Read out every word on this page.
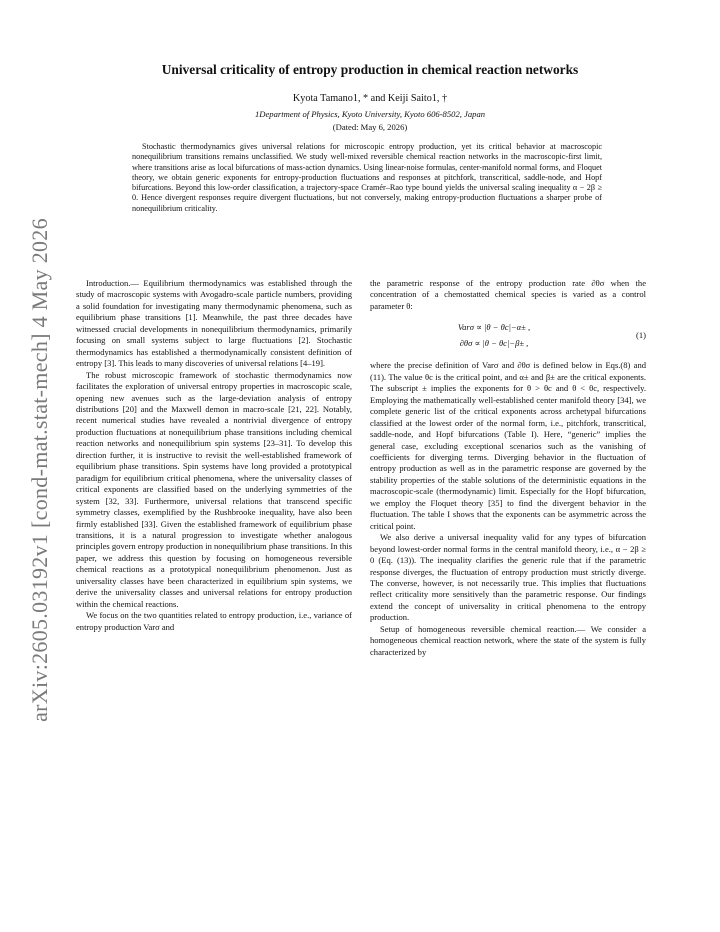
arXiv:2605.03192v1 [cond-mat.stat-mech] 4 May 2026
Universal criticality of entropy production in chemical reaction networks
Kyota Tamano1, * and Keiji Saito1, †
1Department of Physics, Kyoto University, Kyoto 606-8502, Japan
(Dated: May 6, 2026)
Stochastic thermodynamics gives universal relations for microscopic entropy production, yet its critical behavior at macroscopic nonequilibrium transitions remains unclassified. We study well-mixed reversible chemical reaction networks in the macroscopic-first limit, where transitions arise as local bifurcations of mass-action dynamics. Using linear-noise formulas, center-manifold normal forms, and Floquet theory, we obtain generic exponents for entropy-production fluctuations and responses at pitchfork, transcritical, saddle-node, and Hopf bifurcations. Beyond this low-order classification, a trajectory-space Cramér–Rao type bound yields the universal scaling inequality α − 2β ≥ 0. Hence divergent responses require divergent fluctuations, but not conversely, making entropy-production fluctuations a sharper probe of nonequilibrium criticality.

Introduction.— Equilibrium thermodynamics was established through the study of macroscopic systems with Avogadro-scale particle numbers, providing a solid foundation for investigating many thermodynamic phenomena, such as equilibrium phase transitions [1]. Meanwhile, the past three decades have witnessed crucial developments in nonequilibrium thermodynamics, primarily focusing on small systems subject to large fluctuations [2]. Stochastic thermodynamics has established a thermodynamically consistent definition of entropy [3]. This leads to many discoveries of universal relations [4–19].

The robust microscopic framework of stochastic thermodynamics now facilitates the exploration of universal entropy properties in macroscopic scale, opening new avenues such as the large-deviation analysis of entropy distributions [20] and the Maxwell demon in macro-scale [21, 22]. Notably, recent numerical studies have revealed a nontrivial divergence of entropy production fluctuations at nonequilibrium phase transitions including chemical reaction networks and nonequilibrium spin systems [23–31]. To develop this direction further, it is instructive to revisit the well-established framework of equilibrium phase transitions. Spin systems have long provided a prototypical paradigm for equilibrium critical phenomena, where the universality classes of critical exponents are classified based on the underlying symmetries of the system [32, 33]. Furthermore, universal relations that transcend specific symmetry classes, exemplified by the Rushbrooke inequality, have also been firmly established [33]. Given the established framework of equilibrium phase transitions, it is a natural progression to investigate whether analogous principles govern entropy production in nonequilibrium phase transitions. In this paper, we address this question by focusing on homogeneous reversible chemical reactions as a prototypical nonequilibrium phenomenon. Just as universality classes have been characterized in equilibrium spin systems, we derive the universality classes and universal relations for entropy production within the chemical reactions.

We focus on the two quantities related to entropy production, i.e., variance of entropy production Varσ and

the parametric response of the entropy production rate ∂θσ when the concentration of a chemostatted chemical species is varied as a control parameter θ:

Varσ ∝ |θ − θc|−α± ,
∂θσ ∝ |θ − θc|−β± ,
(1)

where the precise definition of Varσ and ∂θσ is defined below in Eqs.(8) and (11). The value θc is the critical point, and α± and β± are the critical exponents. The subscript ± implies the exponents for θ > θc and θ < θc, respectively. Employing the mathematically well-established center manifold theory [34], we complete generic list of the critical exponents across archetypal bifurcations classified at the lowest order of the normal form, i.e., pitchfork, transcritical, saddle-node, and Hopf bifurcations (Table I). Here, “generic” implies the general case, excluding exceptional scenarios such as the vanishing of coefficients for diverging terms. Diverging behavior in the fluctuation of entropy production as well as in the parametric response are governed by the stability properties of the stable solutions of the deterministic equations in the macroscopic-scale (thermodynamic) limit. Especially for the Hopf bifurcation, we employ the Floquet theory [35] to find the divergent behavior in the fluctuation. The table I shows that the exponents can be asymmetric across the critical point.

We also derive a universal inequality valid for any types of bifurcation beyond lowest-order normal forms in the central manifold theory, i.e., α − 2β ≥ 0 (Eq. (13)). The inequality clarifies the generic rule that if the parametric response diverges, the fluctuation of entropy production must strictly diverge. The converse, however, is not necessarily true. This implies that fluctuations reflect criticality more sensitively than the parametric response. Our findings extend the concept of universality in critical phenomena to the entropy production.

Setup of homogeneous reversible chemical reaction.— We consider a homogeneous chemical reaction network, where the state of the system is fully characterized by
